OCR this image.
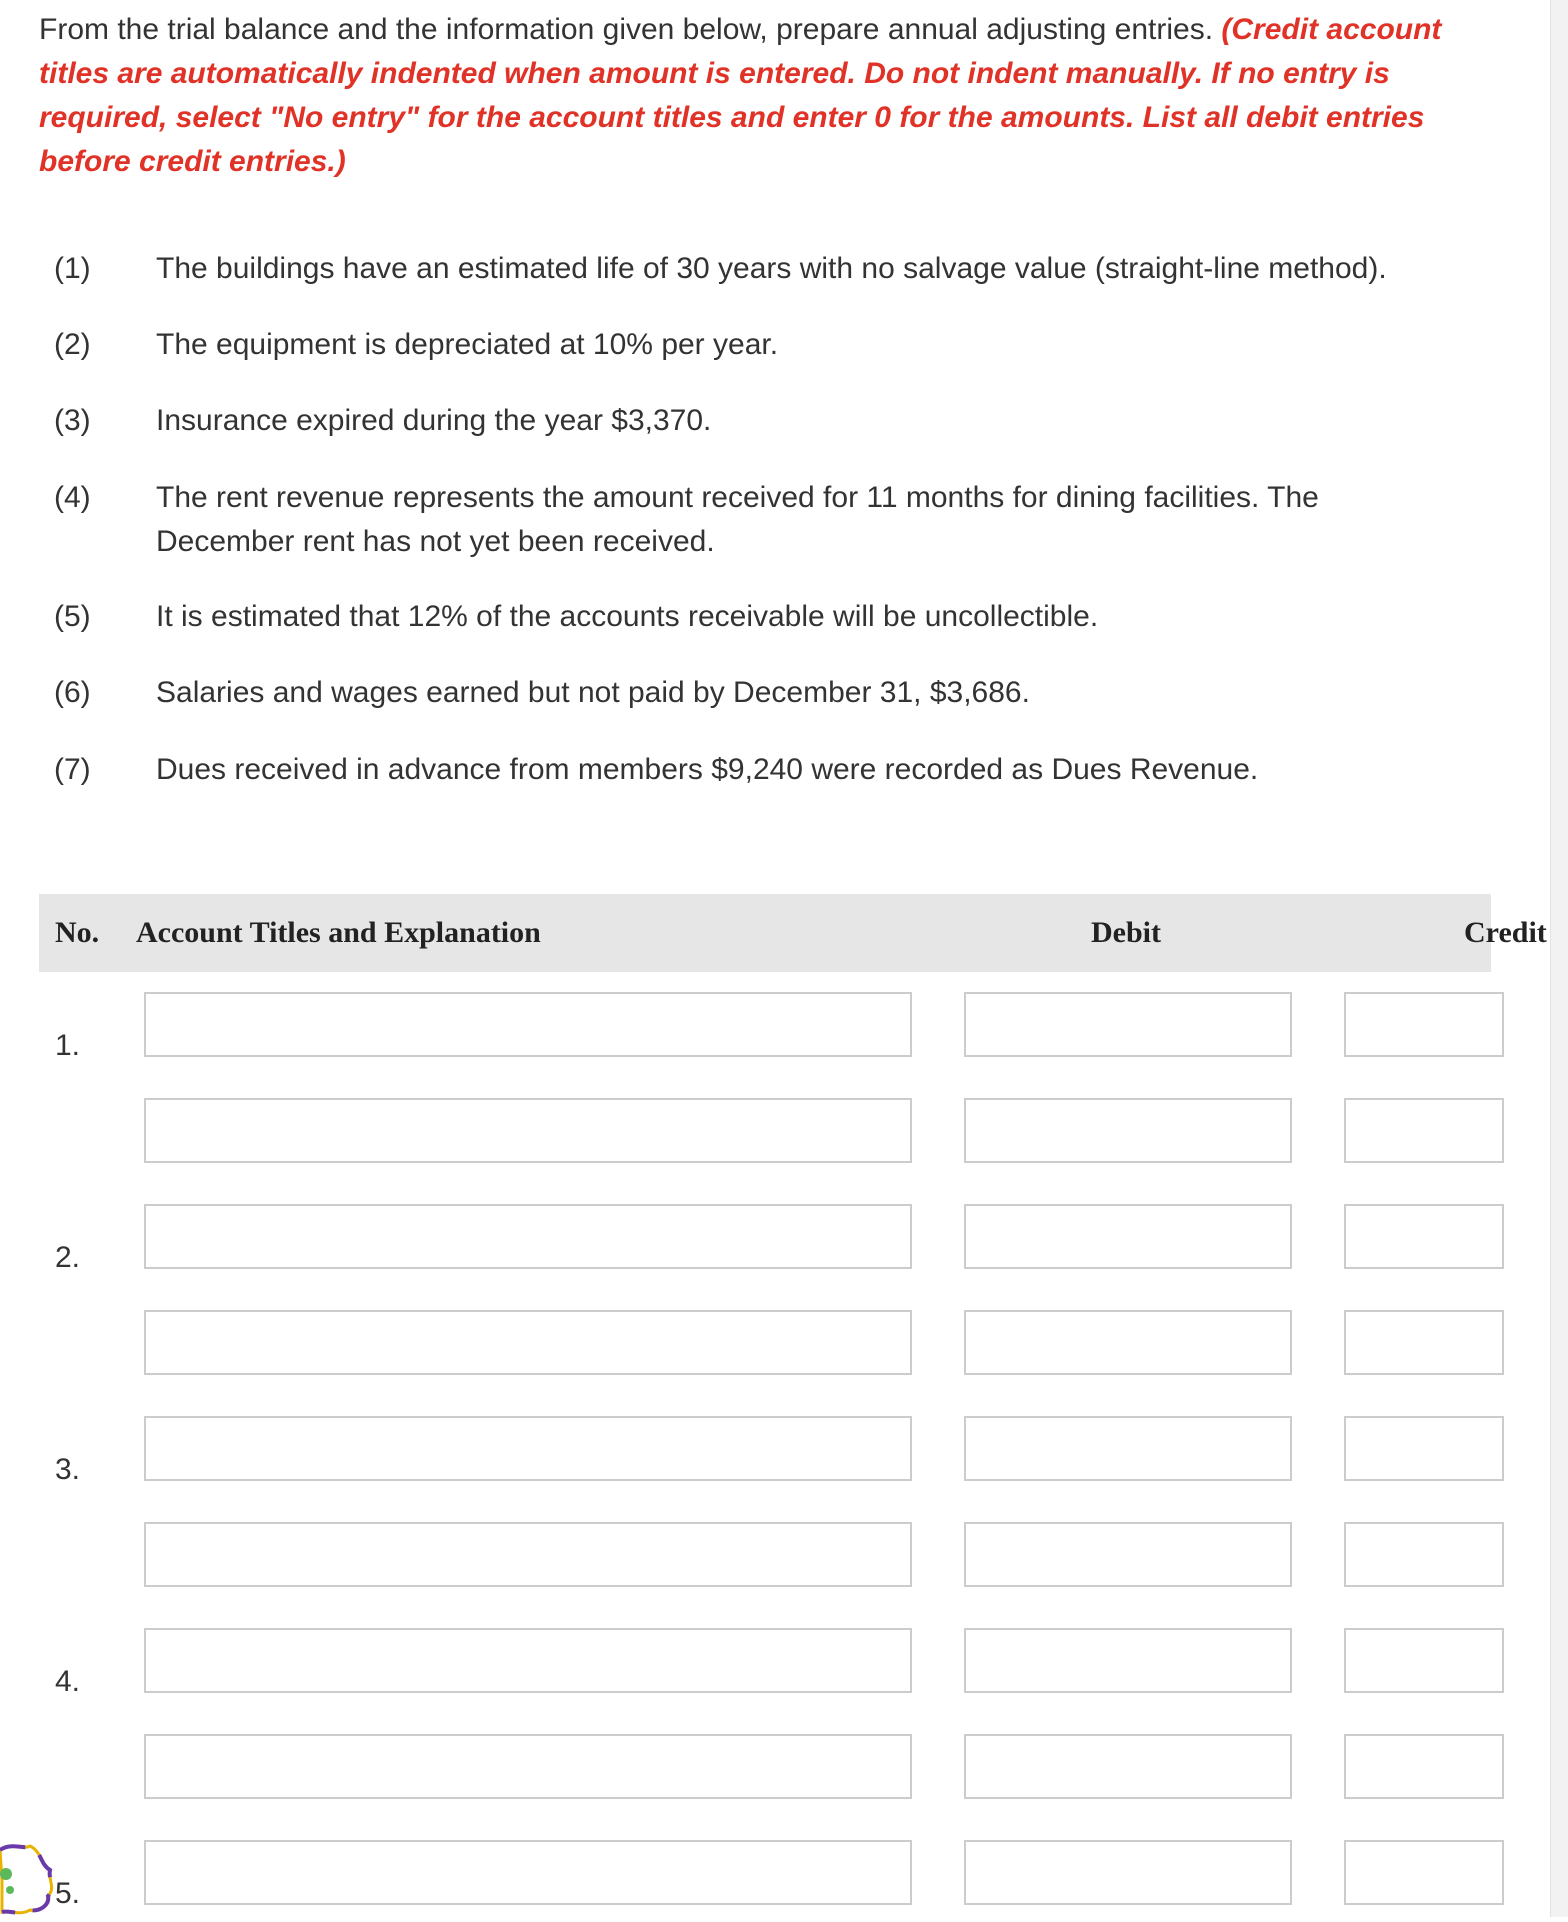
From the trial balance and the information given below, prepare annual adjusting entries. (Credit account titles are automatically indented when amount is entered. Do not indent manually. If no entry is required, select "No entry" for the account titles and enter 0 for the amounts. List all debit entries before credit entries.)
(1) The buildings have an estimated life of 30 years with no salvage value (straight-line method).
(2) The equipment is depreciated at 10% per year.
(3) Insurance expired during the year $3,370.
(4) The rent revenue represents the amount received for 11 months for dining facilities. The December rent has not yet been received.
(5) It is estimated that 12% of the accounts receivable will be uncollectible.
(6) Salaries and wages earned but not paid by December 31, $3,686.
(7) Dues received in advance from members $9,240 were recorded as Dues Revenue.
No. Account Titles and Explanation	Debit	Credit
1.
2.
3.
4.
5.
